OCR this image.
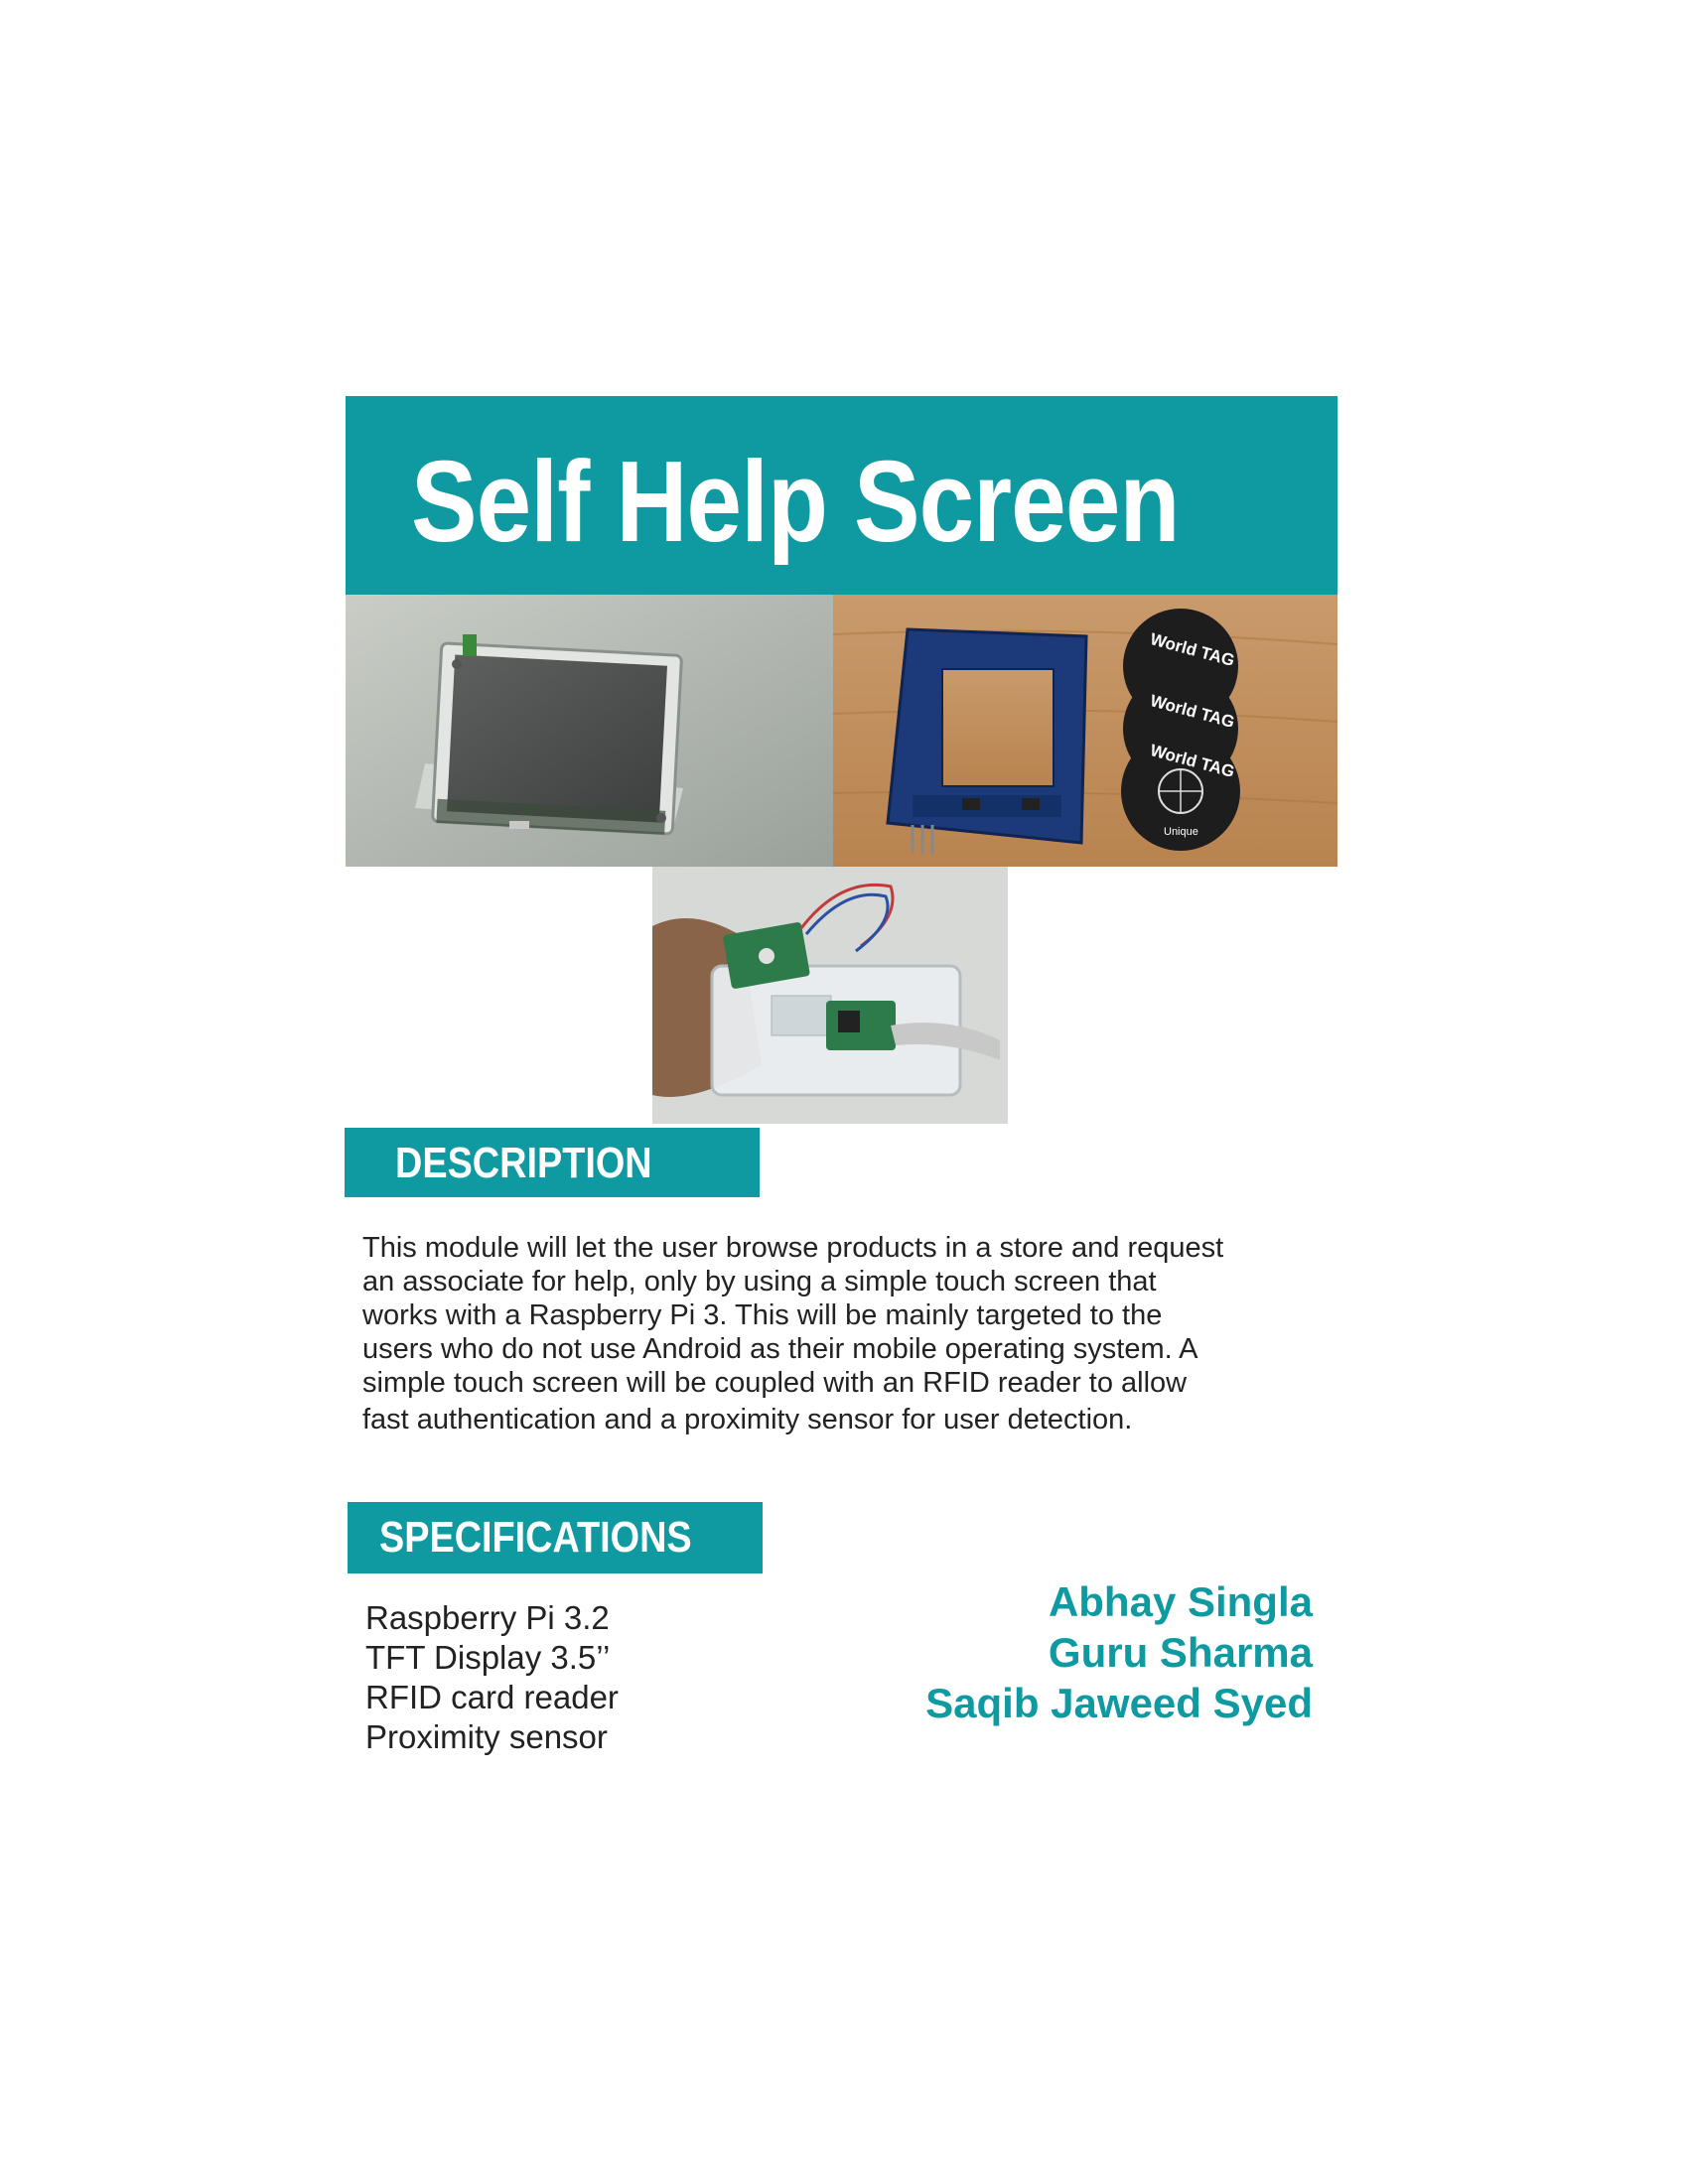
Self Help Screen
World TAG
World TAG
World TAG
Unique
DESCRIPTION

This module will let the user browse products in a store and request

an associate for help, only by using a simple touch screen that

works with a Raspberry Pi 3. This will be mainly targeted to the

users who do not use Android as their mobile operating system. A

simple touch screen will be coupled with an RFID reader to allow

fast authentication and a proximity sensor for user detection.

SPECIFICATIONS
Raspberry Pi 3.2
TFT Display 3.5’’
RFID card reader
Proximity sensor
Abhay Singla
Guru Sharma
Saqib Jaweed Syed
